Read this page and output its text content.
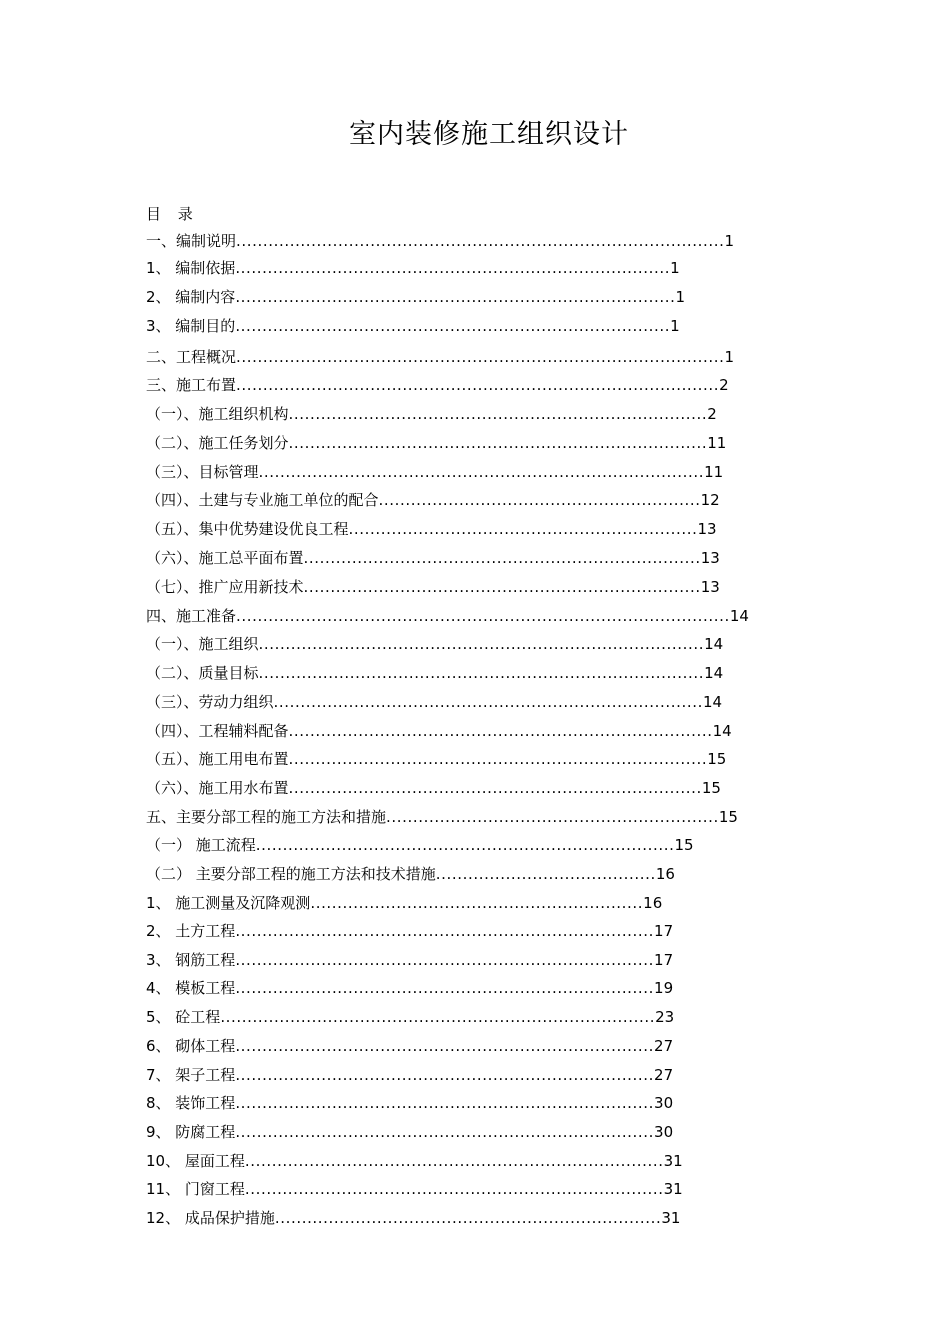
室内装修施工组织设计
目 录
一、编制说明...........................................................................................1
1、 编制依据.................................................................................1
2、 编制内容..................................................................................1
3、 编制目的.................................................................................1
二、工程概况...........................................................................................1
三、施工布置..........................................................................................2
（一）、施工组织机构..............................................................................2
（二）、施工任务划分..............................................................................11
（三）、目标管理...................................................................................11
（四）、土建与专业施工单位的配合............................................................12
（五）、集中优势建设优良工程.................................................................13
（六）、施工总平面布置..........................................................................13
（七）、推广应用新技术..........................................................................13
四、施工准备............................................................................................14
（一）、施工组织...................................................................................14
（二）、质量目标...................................................................................14
（三）、劳动力组织................................................................................14
（四）、工程辅料配备...............................................................................14
（五）、施工用电布置..............................................................................15
（六）、施工用水布置.............................................................................15
五、主要分部工程的施工方法和措施..............................................................15
（一） 施工流程..............................................................................15
（二） 主要分部工程的施工方法和技术措施.........................................16
1、 施工测量及沉降观测..............................................................16
2、 土方工程..............................................................................17
3、 钢筋工程..............................................................................17
4、 模板工程..............................................................................19
5、 砼工程.................................................................................23
6、 砌体工程..............................................................................27
7、 架子工程..............................................................................27
8、 装饰工程..............................................................................30
9、 防腐工程..............................................................................30
10、 屋面工程..............................................................................31
11、 门窗工程..............................................................................31
12、 成品保护措施........................................................................31
